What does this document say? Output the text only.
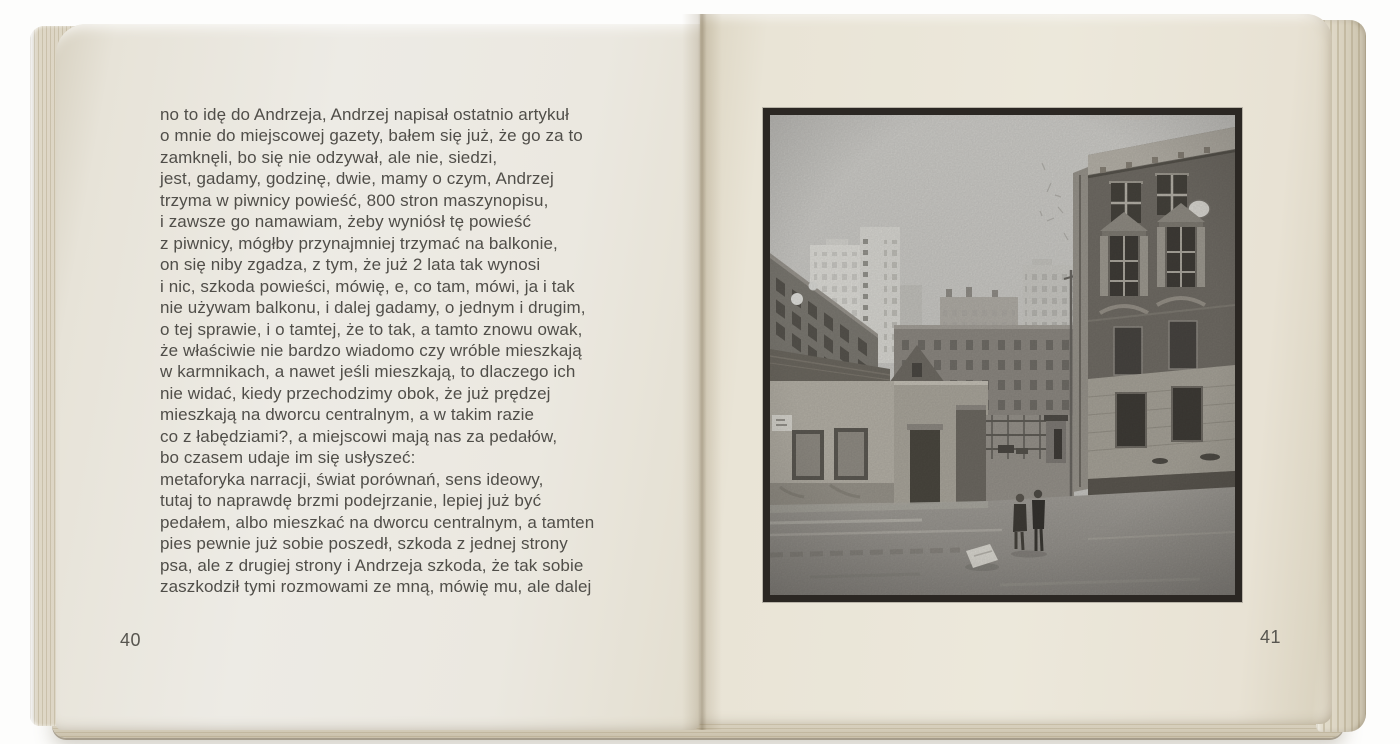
no to idę do Andrzeja, Andrzej napisał ostatnio artykuł
o mnie do miejscowej gazety, bałem się już, że go za to
zamknęli, bo się nie odzywał, ale nie, siedzi,
jest, gadamy, godzinę, dwie, mamy o czym, Andrzej
trzyma w piwnicy powieść, 800 stron maszynopisu,
i zawsze go namawiam, żeby wyniósł tę powieść
z piwnicy, mógłby przynajmniej trzymać na balkonie,
on się niby zgadza, z tym, że już 2 lata tak wynosi
i nic, szkoda powieści, mówię, e, co tam, mówi, ja i tak
nie używam balkonu, i dalej gadamy, o jednym i drugim,
o tej sprawie, i o tamtej, że to tak, a tamto znowu owak,
że właściwie nie bardzo wiadomo czy wróble mieszkają
w karmnikach, a nawet jeśli mieszkają, to dlaczego ich
nie widać, kiedy przechodzimy obok, że już prędzej
mieszkają na dworcu centralnym, a w takim razie
co z łabędziami?, a miejscowi mają nas za pedałów,
bo czasem udaje im się usłyszeć:
metaforyka narracji, świat porównań, sens ideowy,
tutaj to naprawdę brzmi podejrzanie, lepiej już być
pedałem, albo mieszkać na dworcu centralnym, a tamten
pies pewnie już sobie poszedł, szkoda z jednej strony
psa, ale z drugiej strony i Andrzeja szkoda, że tak sobie
zaszkodził tymi rozmowami ze mną, mówię mu, ale dalej
40	41
